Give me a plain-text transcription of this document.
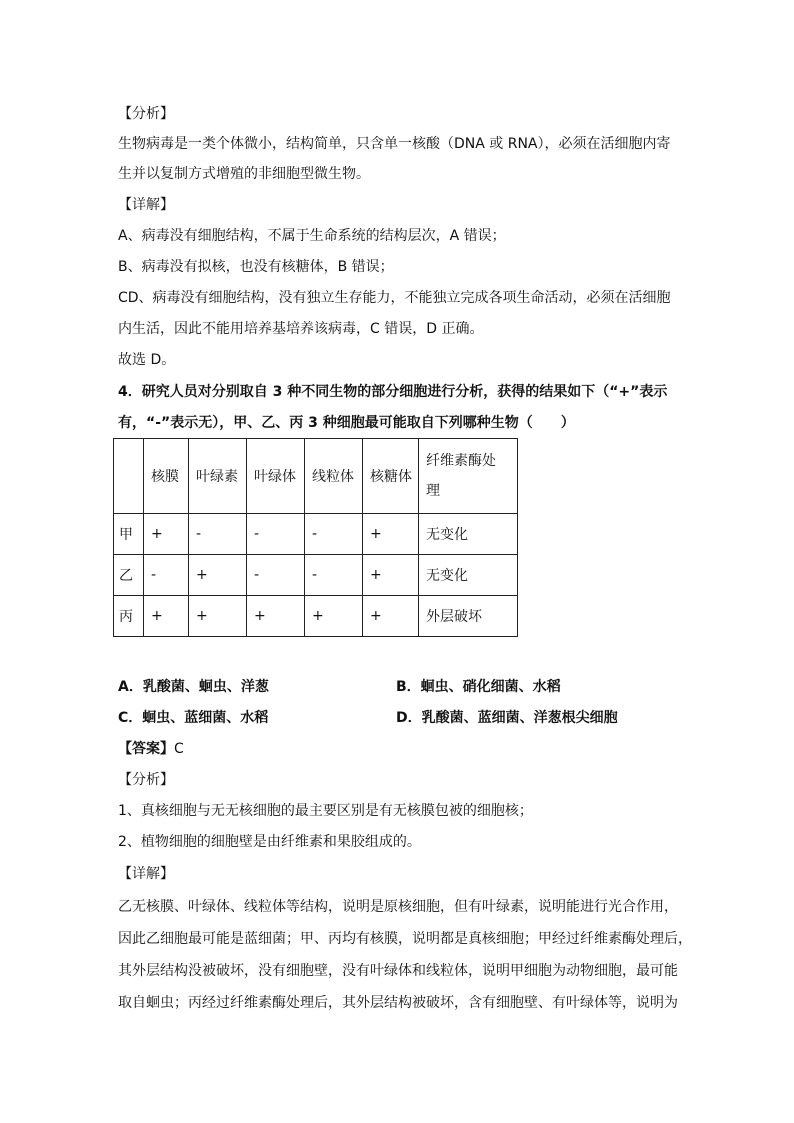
【分析】
生物病毒是一类个体微小，结构简单，只含单一核酸（DNA 或 RNA），必须在活细胞内寄
生并以复制方式增殖的非细胞型微生物。
【详解】
A、病毒没有细胞结构，不属于生命系统的结构层次，A 错误；
B、病毒没有拟核，也没有核糖体，B 错误；
CD、病毒没有细胞结构，没有独立生存能力，不能独立完成各项生命活动，必须在活细胞
内生活，因此不能用培养基培养该病毒，C 错误，D 正确。
故选 D。
4．研究人员对分别取自 3 种不同生物的部分细胞进行分析，获得的结果如下（“+”表示
有，“-”表示无），甲、乙、丙 3 种细胞最可能取自下列哪种生物（　　）
	核膜	叶绿素	叶绿体	线粒体	核糖体	纤维素酶处
理
甲	+	-	-	-	+	无变化
乙	-	+	-	-	+	无变化
丙	+	+	+	+	+	外层破坏
A．乳酸菌、蛔虫、洋葱	B．蛔虫、硝化细菌、水稻
C．蛔虫、蓝细菌、水稻	D．乳酸菌、蓝细菌、洋葱根尖细胞
【答案】C
【分析】
1、真核细胞与无无核细胞的最主要区别是有无核膜包被的细胞核；
2、植物细胞的细胞壁是由纤维素和果胶组成的。
【详解】
乙无核膜、叶绿体、线粒体等结构，说明是原核细胞，但有叶绿素，说明能进行光合作用，
因此乙细胞最可能是蓝细菌；甲、丙均有核膜，说明都是真核细胞；甲经过纤维素酶处理后，
其外层结构没被破坏，没有细胞壁，没有叶绿体和线粒体，说明甲细胞为动物细胞，最可能
取自蛔虫；丙经过纤维素酶处理后，其外层结构被破坏，含有细胞壁、有叶绿体等，说明为
